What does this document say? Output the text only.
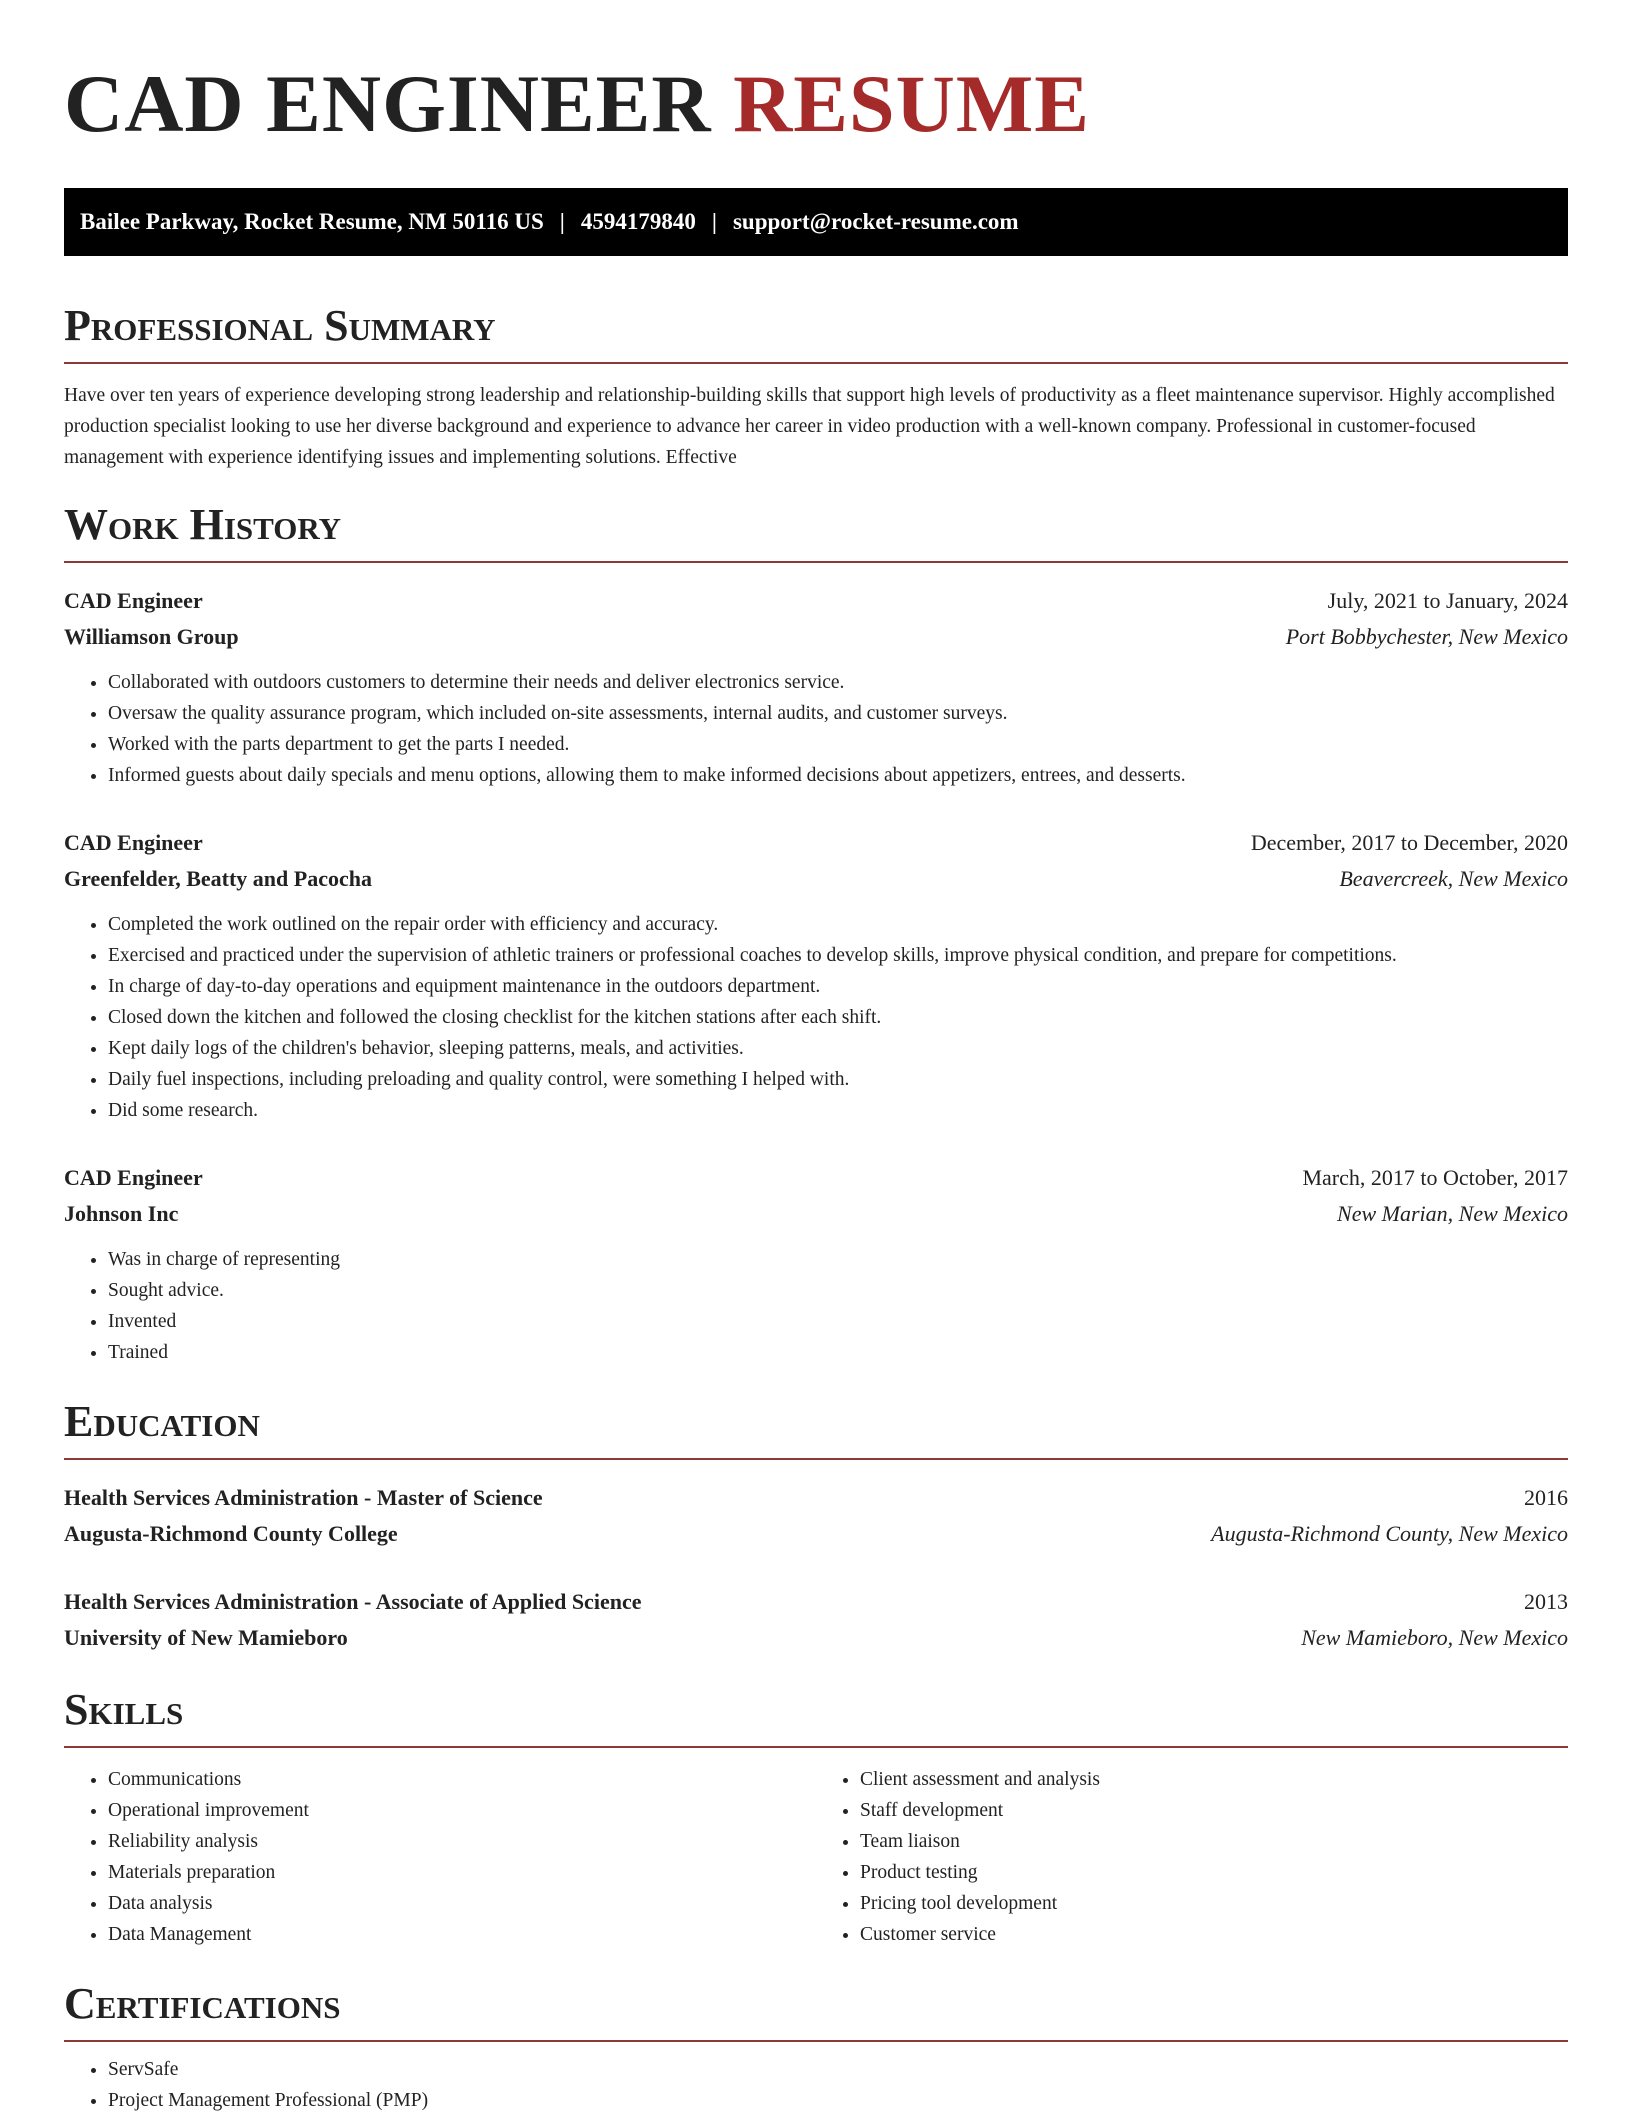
CAD ENGINEER RESUME
Bailee Parkway, Rocket Resume, NM 50116 US | 4594179840 | support@rocket-resume.com
Professional Summary

Have over ten years of experience developing strong leadership and relationship-building skills that support high levels of productivity as a fleet maintenance supervisor. Highly accomplished production specialist looking to use her diverse background and experience to advance her career in video production with a well-known company. Professional in customer-focused management with experience identifying issues and implementing solutions. Effective

Work History
CAD Engineer	July, 2021 to January, 2024
Williamson Group	Port Bobbychester, New Mexico
• Collaborated with outdoors customers to determine their needs and deliver electronics service.
• Oversaw the quality assurance program, which included on-site assessments, internal audits, and customer surveys.
• Worked with the parts department to get the parts I needed.
• Informed guests about daily specials and menu options, allowing them to make informed decisions about appetizers, entrees, and desserts.
CAD Engineer	December, 2017 to December, 2020
Greenfelder, Beatty and Pacocha	Beavercreek, New Mexico
• Completed the work outlined on the repair order with efficiency and accuracy.
• Exercised and practiced under the supervision of athletic trainers or professional coaches to develop skills, improve physical condition, and prepare for competitions.
• In charge of day-to-day operations and equipment maintenance in the outdoors department.
• Closed down the kitchen and followed the closing checklist for the kitchen stations after each shift.
• Kept daily logs of the children's behavior, sleeping patterns, meals, and activities.
• Daily fuel inspections, including preloading and quality control, were something I helped with.
• Did some research.
CAD Engineer	March, 2017 to October, 2017
Johnson Inc	New Marian, New Mexico
• Was in charge of representing
• Sought advice.
• Invented
• Trained
Education
Health Services Administration - Master of Science	2016
Augusta-Richmond County College	Augusta-Richmond County, New Mexico
Health Services Administration - Associate of Applied Science	2013
University of New Mamieboro	New Mamieboro, New Mexico
Skills
• Communications
• Operational improvement
• Reliability analysis
• Materials preparation
• Data analysis
• Data Management
• Client assessment and analysis
• Staff development
• Team liaison
• Product testing
• Pricing tool development
• Customer service
Certifications
• ServSafe
• Project Management Professional (PMP)
